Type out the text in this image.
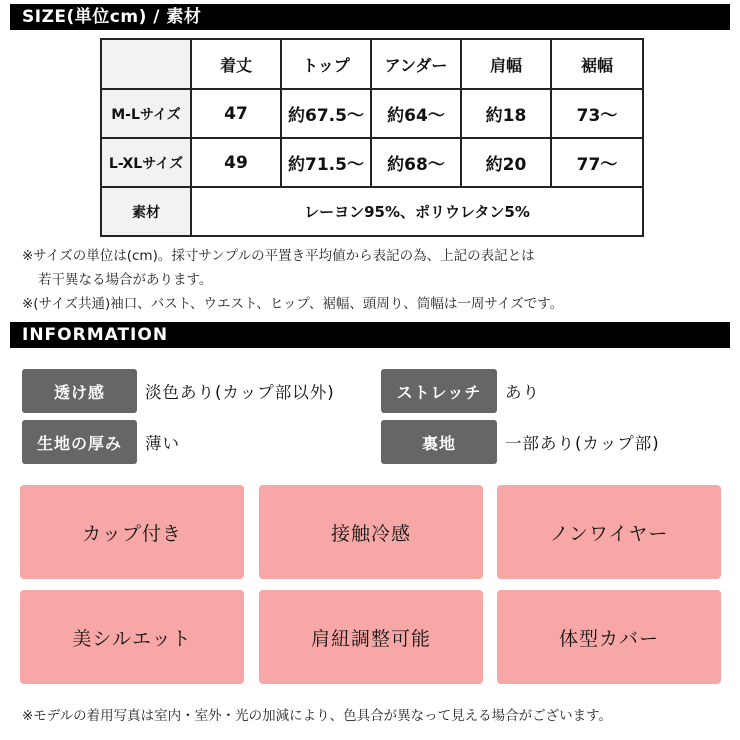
SIZE(単位cm) / 素材
	着丈	トップ	アンダー	肩幅	裾幅
M-Lサイズ	47	約67.5〜	約64〜	約18	73〜
L-XLサイズ	49	約71.5〜	約68〜	約20	77〜
素材	レーヨン95%、ポリウレタン5%				
※サイズの単位は(cm)。採寸サンプルの平置き平均値から表記の為、上記の表記とは
若干異なる場合があります。
※(サイズ共通)袖口、バスト、ウエスト、ヒップ、裾幅、頭周り、筒幅は一周サイズです。
INFORMATION
透け感	淡色あり(カップ部以外)	ストレッチ	あり
生地の厚み	薄い	裏地	一部あり(カップ部)
カップ付き	接触冷感	ノンワイヤー
美シルエット	肩紐調整可能	体型カバー
※モデルの着用写真は室内・室外・光の加減により、色具合が異なって見える場合がございます。
